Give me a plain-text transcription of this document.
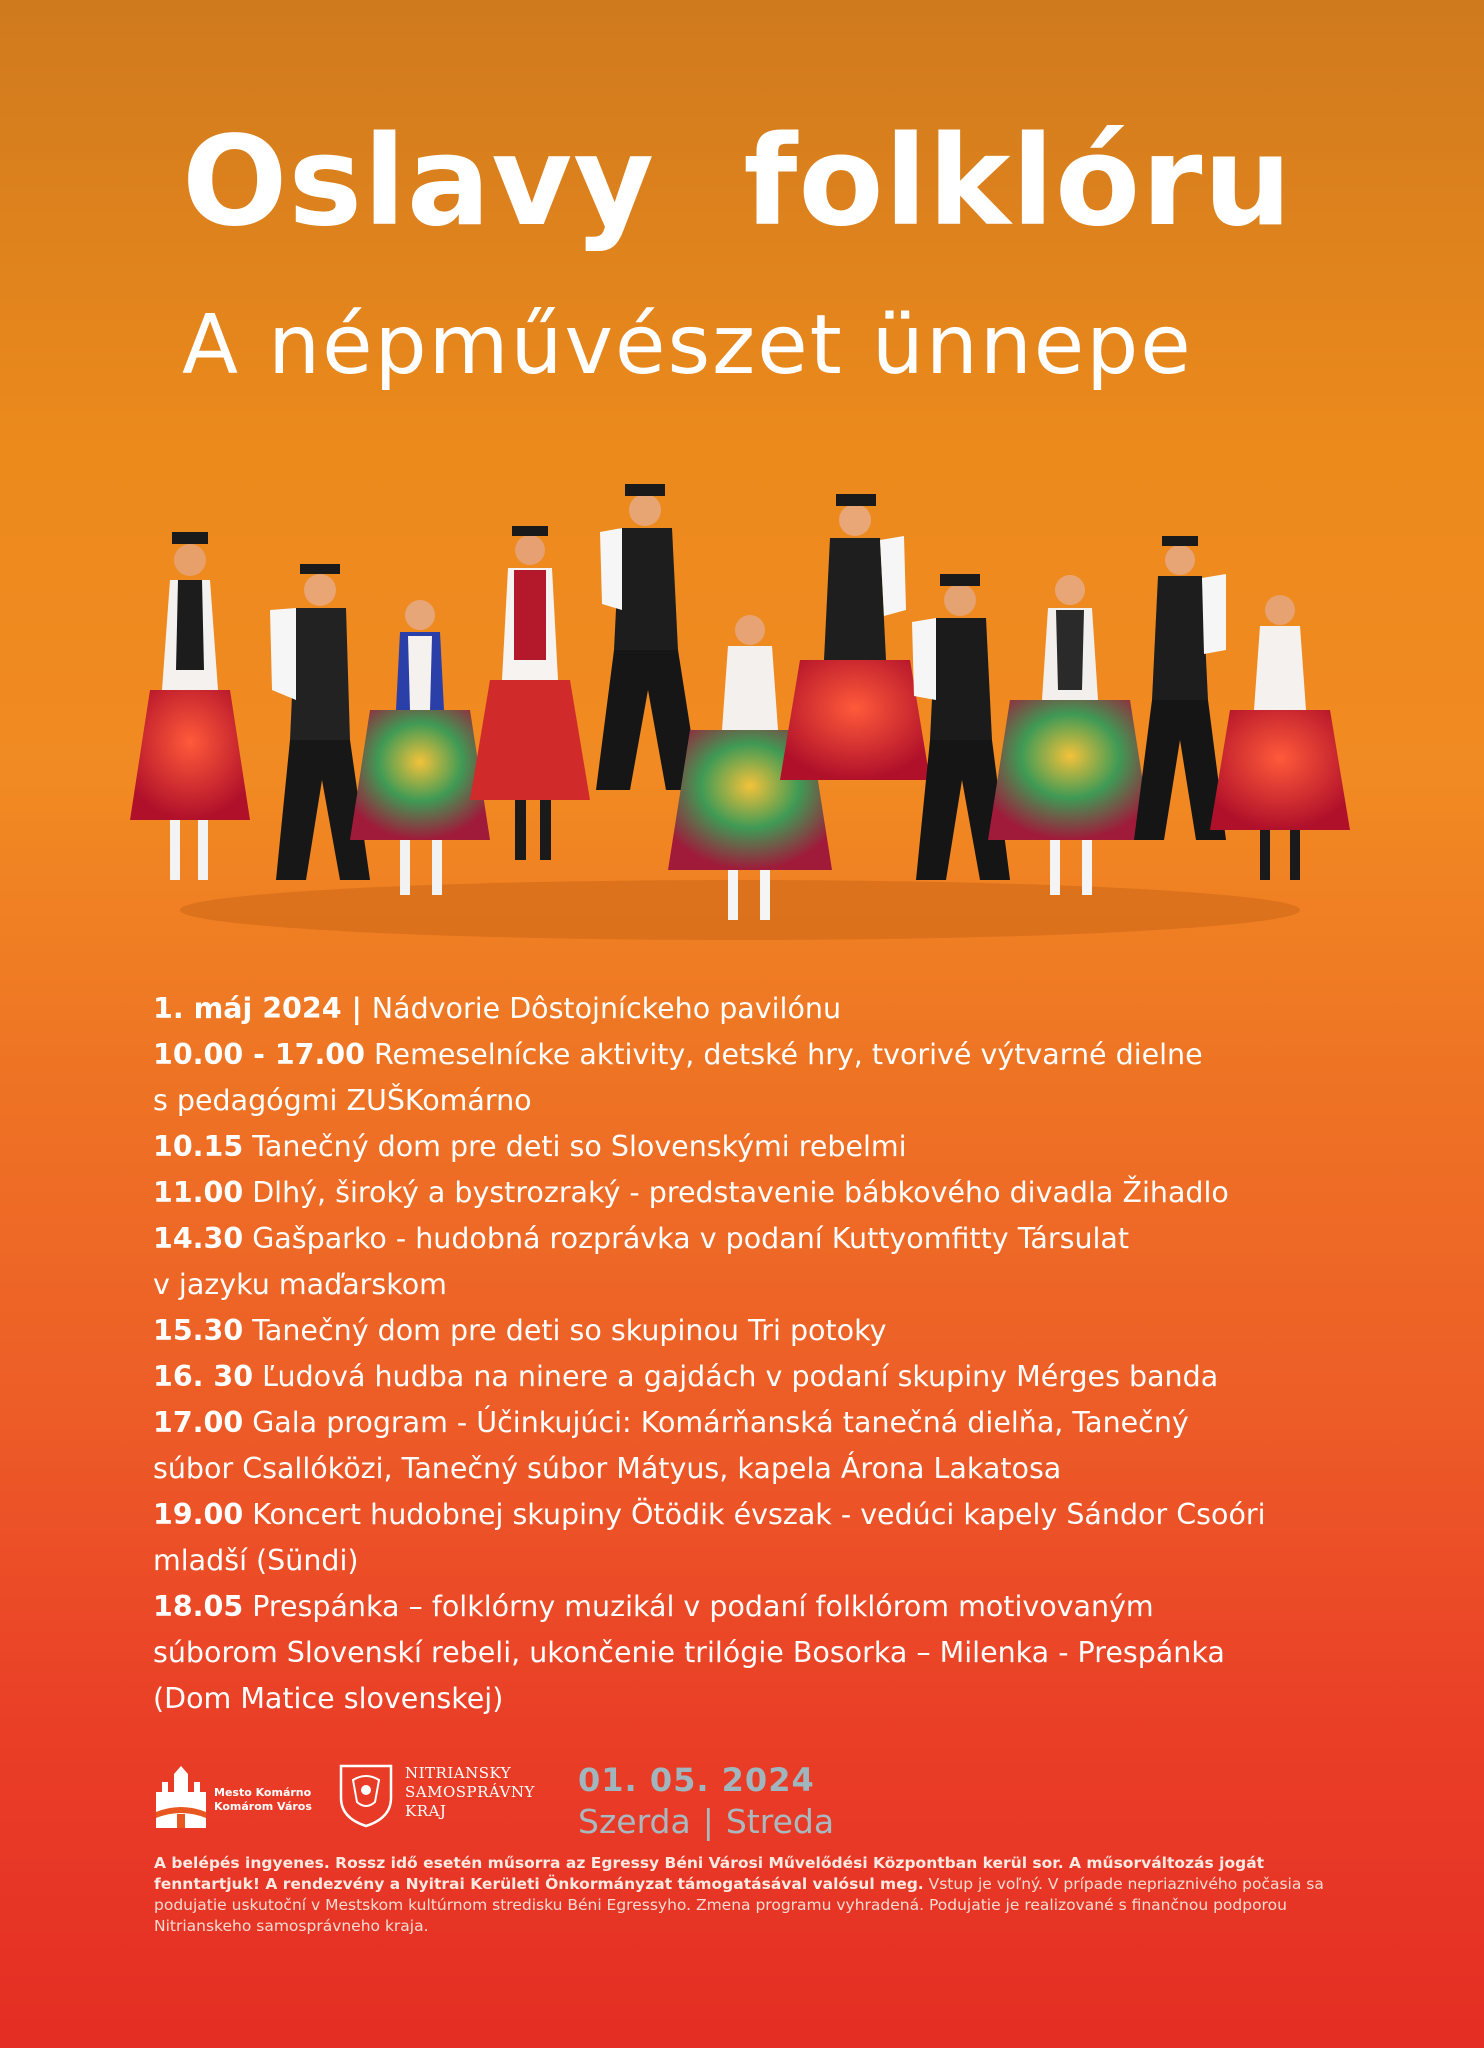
Oslavy  folklóru
A népművészet ünnepe
1. máj 2024 | Nádvorie Dôstojníckeho pavilónu
10.00 - 17.00 Remeselnícke aktivity, detské hry, tvorivé výtvarné dielne
s pedagógmi ZUŠKomárno
10.15 Tanečný dom pre deti so Slovenskými rebelmi
11.00 Dlhý, široký a bystrozraký - predstavenie bábkového divadla Žihadlo
14.30 Gašparko - hudobná rozprávka v podaní Kuttyomfitty Társulat
v jazyku maďarskom
15.30 Tanečný dom pre deti so skupinou Tri potoky
16. 30 Ľudová hudba na ninere a gajdách v podaní skupiny Mérges banda
17.00 Gala program - Účinkujúci: Komárňanská tanečná dielňa, Tanečný
súbor Csallóközi, Tanečný súbor Mátyus, kapela Árona Lakatosa
19.00 Koncert hudobnej skupiny Ötödik évszak - vedúci kapely Sándor Csoóri
mladší (Sündi)
18.05 Prespánka – folklórny muzikál v podaní folklórom motivovaným
súborom Slovenskí rebeli, ukončenie trilógie Bosorka – Milenka - Prespánka
(Dom Matice slovenskej)
Mesto Komárno
Komárom Város
NITRIANSKY
SAMOSPRÁVNY
KRAJ
01. 05. 2024
Szerda | Streda
A belépés ingyenes. Rossz idő esetén műsorra az Egressy Béni Városi Művelődési Központban kerül sor. A műsorváltozás jogát fenntartjuk! A rendezvény a Nyitrai Kerületi Önkormányzat támogatásával valósul meg. Vstup je voľný. V prípade nepriaznivého počasia sa podujatie uskutoční v Mestskom kultúrnom stredisku Béni Egressyho. Zmena programu vyhradená. Podujatie je realizované s finančnou podporou Nitrianskeho samosprávneho kraja.
